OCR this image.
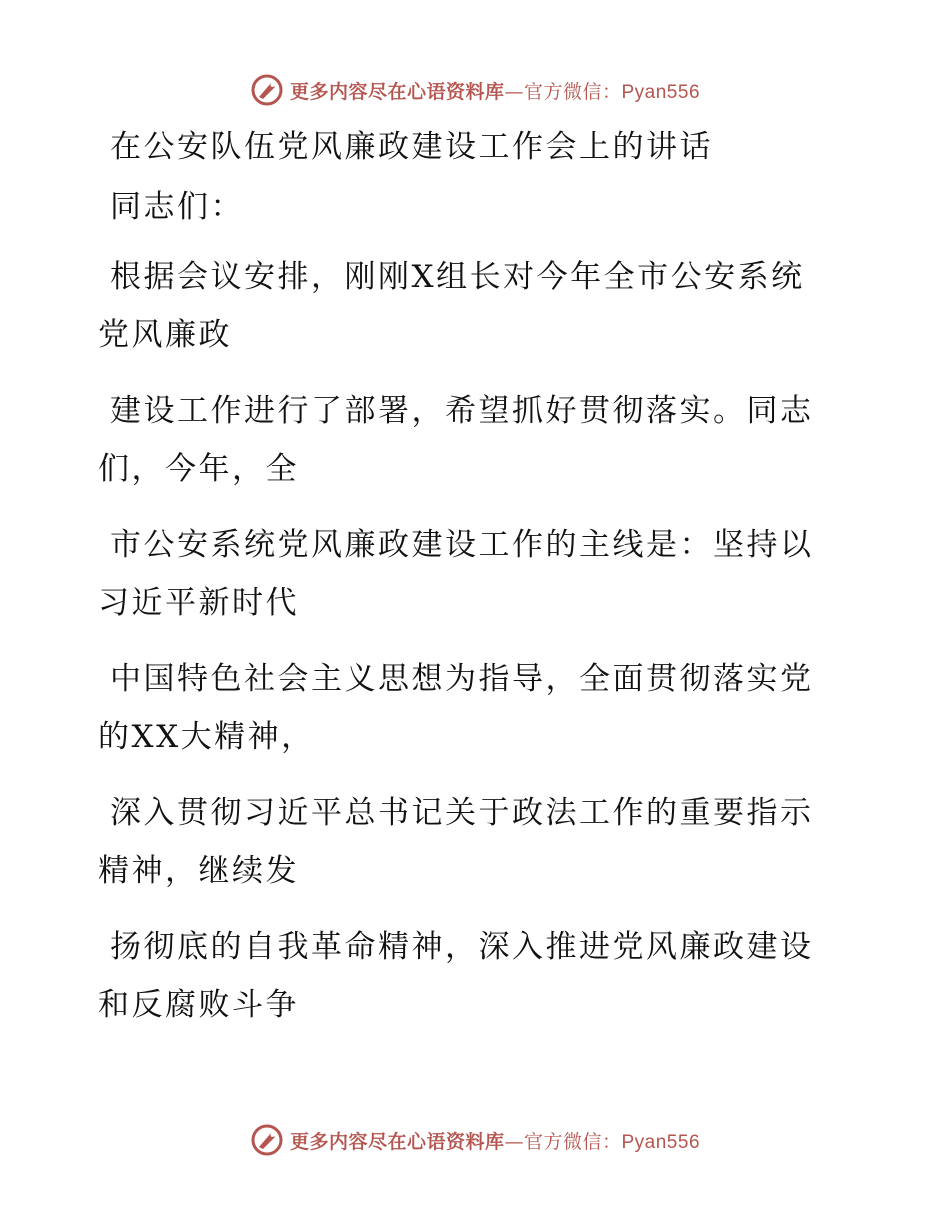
更多内容尽在心语资料库—官方微信：Pyan556
在公安队伍党风廉政建设工作会上的讲话
同志们：
根据会议安排，刚刚X组长对今年全市公安系统
党风廉政
建设工作进行了部署，希望抓好贯彻落实。同志
们，今年，全
市公安系统党风廉政建设工作的主线是：坚持以
习近平新时代
中国特色社会主义思想为指导，全面贯彻落实党
的XX大精神，
深入贯彻习近平总书记关于政法工作的重要指示
精神，继续发
扬彻底的自我革命精神，深入推进党风廉政建设
和反腐败斗争
更多内容尽在心语资料库—官方微信：Pyan556
